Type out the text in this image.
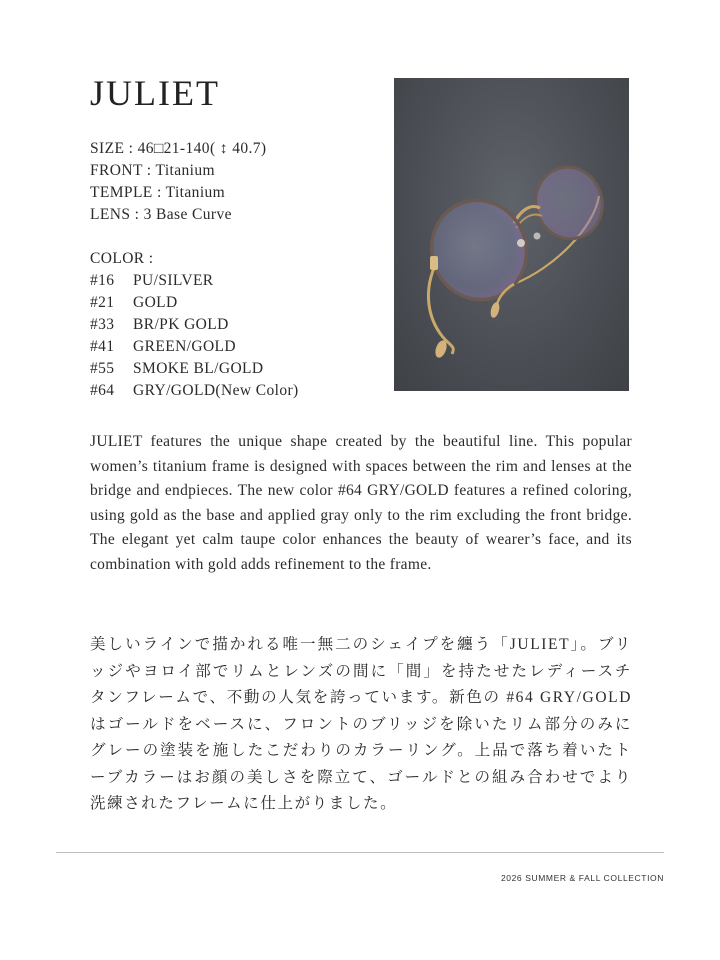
JULIET
SIZE : 46□21-140( ↕ 40.7)
FRONT : Titanium
TEMPLE : Titanium
LENS : 3 Base Curve
COLOR :
#16	PU/SILVER
#21	GOLD
#33	BR/PK GOLD
#41	GREEN/GOLD
#55	SMOKE BL/GOLD
#64	GRY/GOLD(New Color)

JULIET features the unique shape created by the beautiful line. This popular women’s titanium frame is designed with spaces between the rim and lenses at the bridge and endpieces. The new color #64 GRY/GOLD features a refined coloring, using gold as the base and applied gray only to the rim excluding the front bridge. The elegant yet calm taupe color enhances the beauty of wearer’s face, and its combination with gold adds refinement to the frame.

美しいラインで描かれる唯一無二のシェイプを纏う「JULIET」。ブリッジやヨロイ部でリムとレンズの間に「間」を持たせたレディースチタンフレームで、不動の人気を誇っています。新色の #64 GRY/GOLD はゴールドをベースに、フロントのブリッジを除いたリム部分のみにグレーの塗装を施したこだわりのカラーリング。上品で落ち着いたトーブカラーはお顔の美しさを際立て、ゴールドとの組み合わせでより洗練されたフレームに仕上がりました。

2026 SUMMER & FALL COLLECTION
